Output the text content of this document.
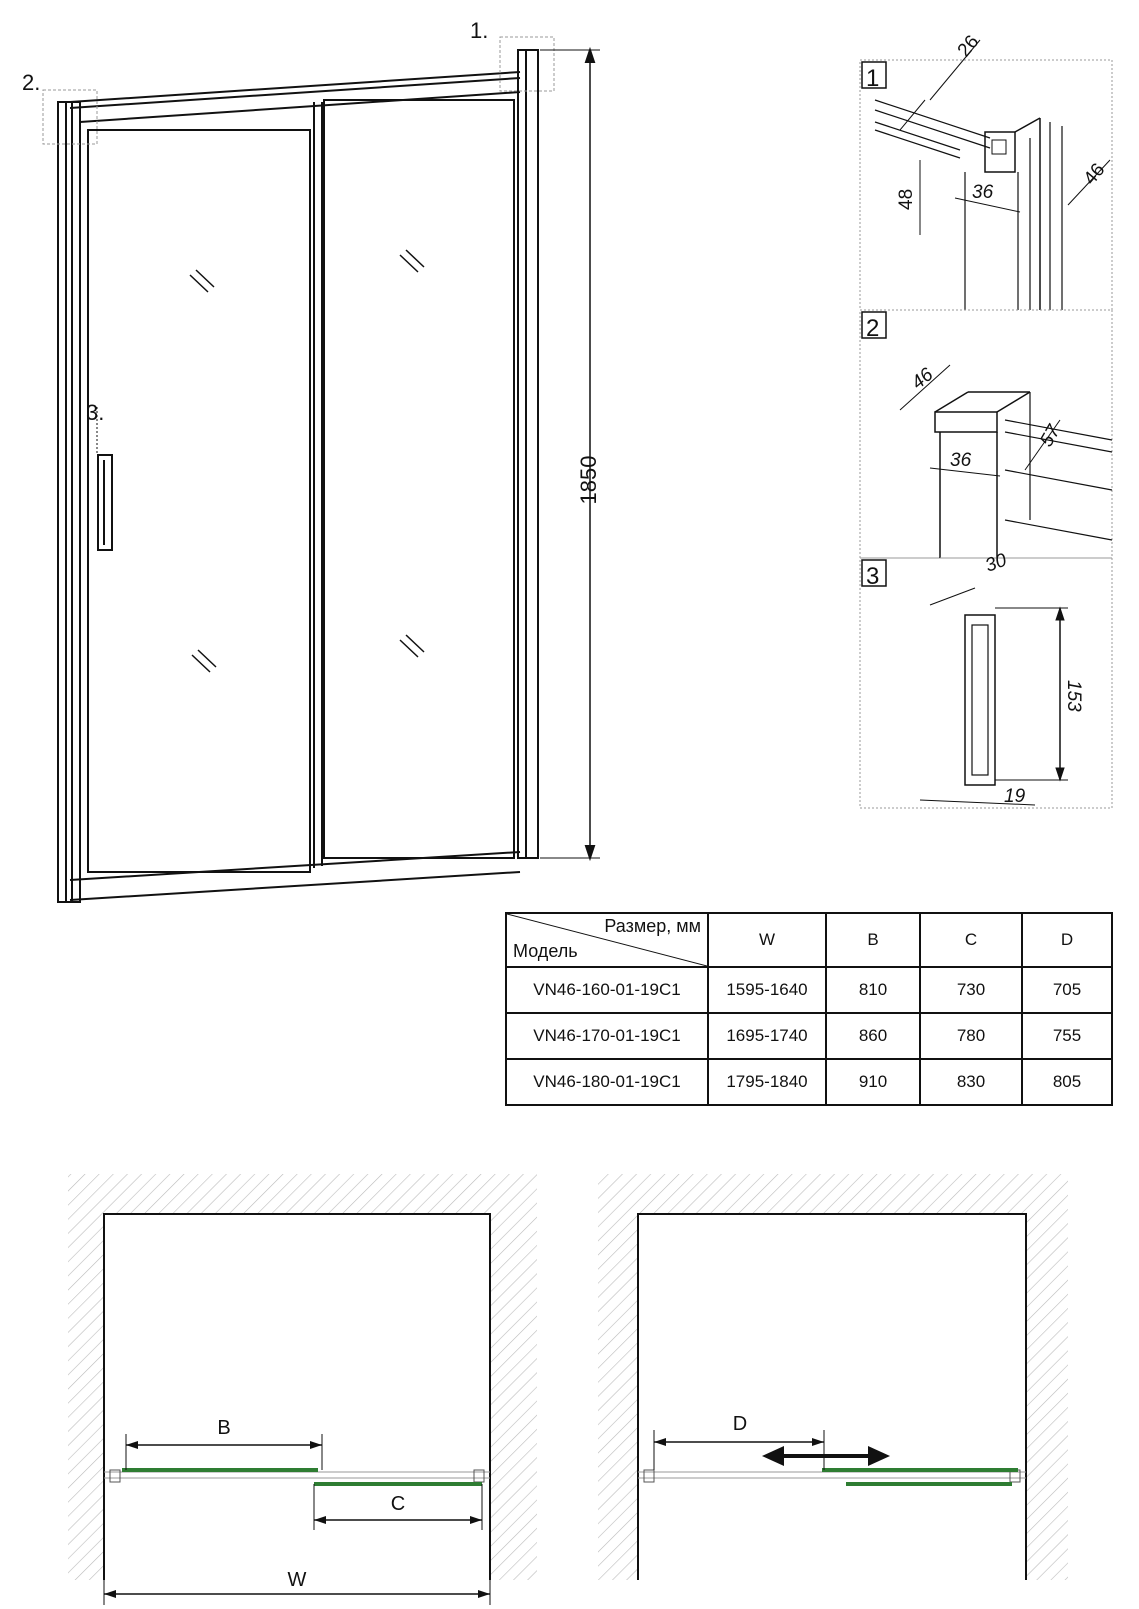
1.
2.
3.
1850
1
26
46
48	36
2
46
36
57
3	30
153
19
B
C
W
D
Размер, мм
Модель	W	B	C	D
VN46-160-01-19C1	1595-1640	810	730	705
VN46-170-01-19C1	1695-1740	860	780	755
VN46-180-01-19C1	1795-1840	910	830	805
